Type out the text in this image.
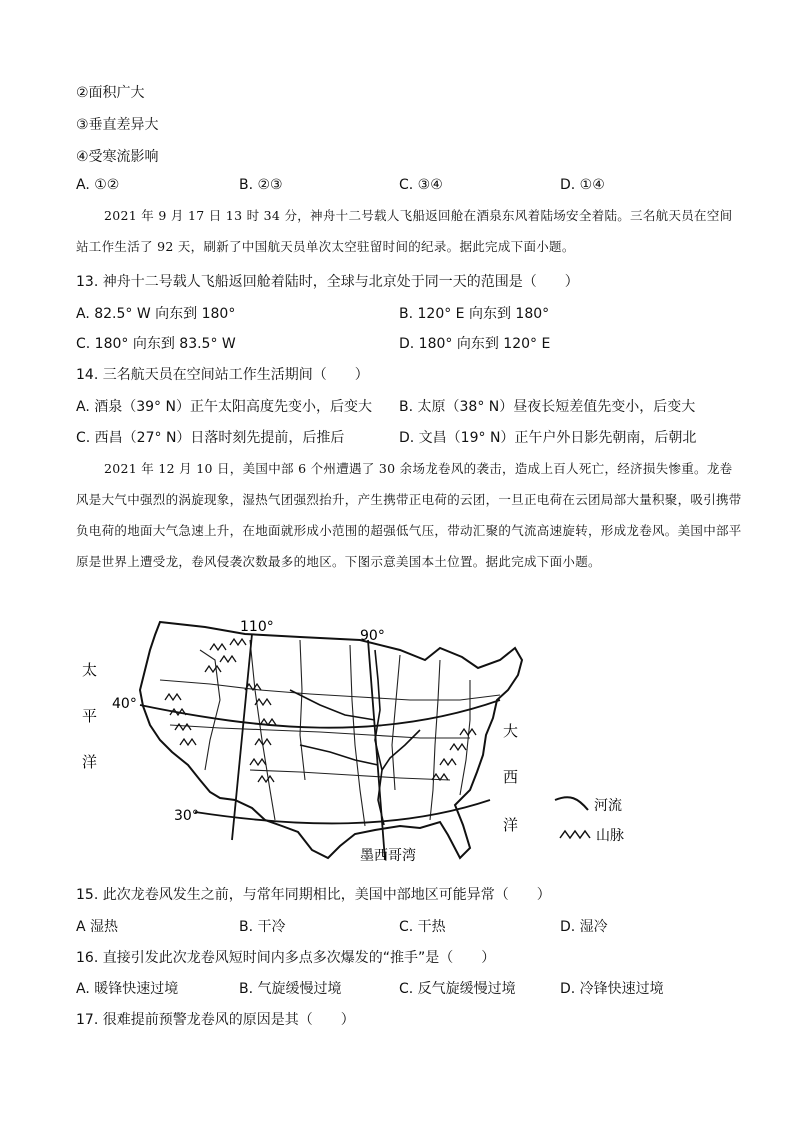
②面积广大
③垂直差异大
④受寒流影响
A. ①②	B. ②③	C. ③④	D. ①④
2021 年 9 月 17 日 13 时 34 分，神舟十二号载人飞船返回舱在酒泉东风着陆场安全着陆。三名航天员在空间站工作生活了 92 天，刷新了中国航天员单次太空驻留时间的纪录。据此完成下面小题。
13. 神舟十二号载人飞船返回舱着陆时，全球与北京处于同一天的范围是（　　）
A. 82.5° W 向东到 180°	B. 120° E 向东到 180°
C. 180° 向东到 83.5° W	D. 180° 向东到 120° E
14. 三名航天员在空间站工作生活期间（　　）
A. 酒泉（39° N）正午太阳高度先变小，后变大 B. 太原（38° N）昼夜长短差值先变小，后变大
C. 西昌（27° N）日落时刻先提前，后推后	D. 文昌（19° N）正午户外日影先朝南，后朝北
2021 年 12 月 10 日，美国中部 6 个州遭遇了 30 余场龙卷风的袭击，造成上百人死亡，经济损失惨重。龙卷风是大气中强烈的涡旋现象，湿热气团强烈抬升，产生携带正电荷的云团，一旦正电荷在云团局部大量积聚，吸引携带负电荷的地面大气急速上升，在地面就形成小范围的超强低气压，带动汇聚的气流高速旋转，形成龙卷风。美国中部平原是世界上遭受龙，卷风侵袭次数最多的地区。下图示意美国本土位置。据此完成下面小题。
110°
90°
40°
30°
太
平
洋
大
西
洋
墨西哥湾
河流
山脉
15. 此次龙卷风发生之前，与常年同期相比，美国中部地区可能异常（　　）
A 湿热	B. 干冷	C. 干热	D. 湿冷
16. 直接引发此次龙卷风短时间内多点多次爆发的“推手”是（　　）
A. 暖锋快速过境	B. 气旋缓慢过境	C. 反气旋缓慢过境	D. 冷锋快速过境
17. 很难提前预警龙卷风的原因是其（　　）
